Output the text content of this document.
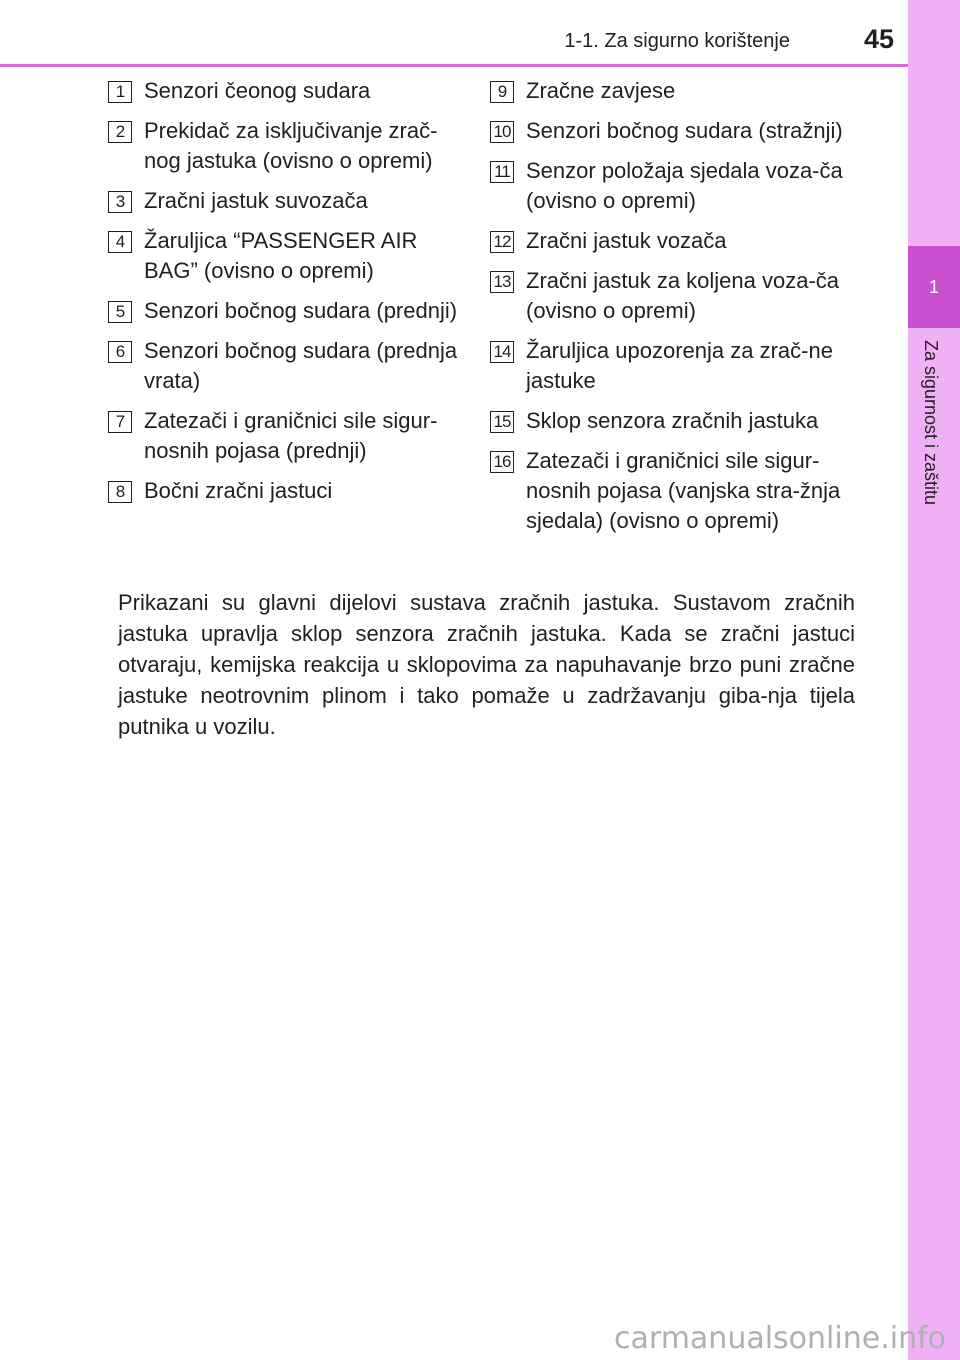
1-1. Za sigurno korištenje	45
1
Za sigurnost i zaštitu
1 Senzori čeonog sudara
2 Prekidač za isključivanje zrač-nog jastuka (ovisno o opremi)
3 Zračni jastuk suvozača
4 Žaruljica “PASSENGER AIR BAG” (ovisno o opremi)
5 Senzori bočnog sudara (prednji)
6 Senzori bočnog sudara (prednja vrata)
7 Zatezači i graničnici sile sigur-nosnih pojasa (prednji)
8 Bočni zračni jastuci
9 Zračne zavjese
10 Senzori bočnog sudara (stražnji)
11 Senzor položaja sjedala voza-ča (ovisno o opremi)
12 Zračni jastuk vozača
13 Zračni jastuk za koljena voza-ča (ovisno o opremi)
14 Žaruljica upozorenja za zrač-ne jastuke
15 Sklop senzora zračnih jastuka
16 Zatezači i graničnici sile sigur-nosnih pojasa (vanjska stra-žnja sjedala) (ovisno o opremi)

Prikazani su glavni dijelovi sustava zračnih jastuka. Sustavom zračnih jastuka upravlja sklop senzora zračnih jastuka. Kada se zračni jastuci otvaraju, kemijska reakcija u sklopovima za napuhavanje brzo puni zračne jastuke neotrovnim plinom i tako pomaže u zadržavanju giba-nja tijela putnika u vozilu.

carmanualsonline.info
